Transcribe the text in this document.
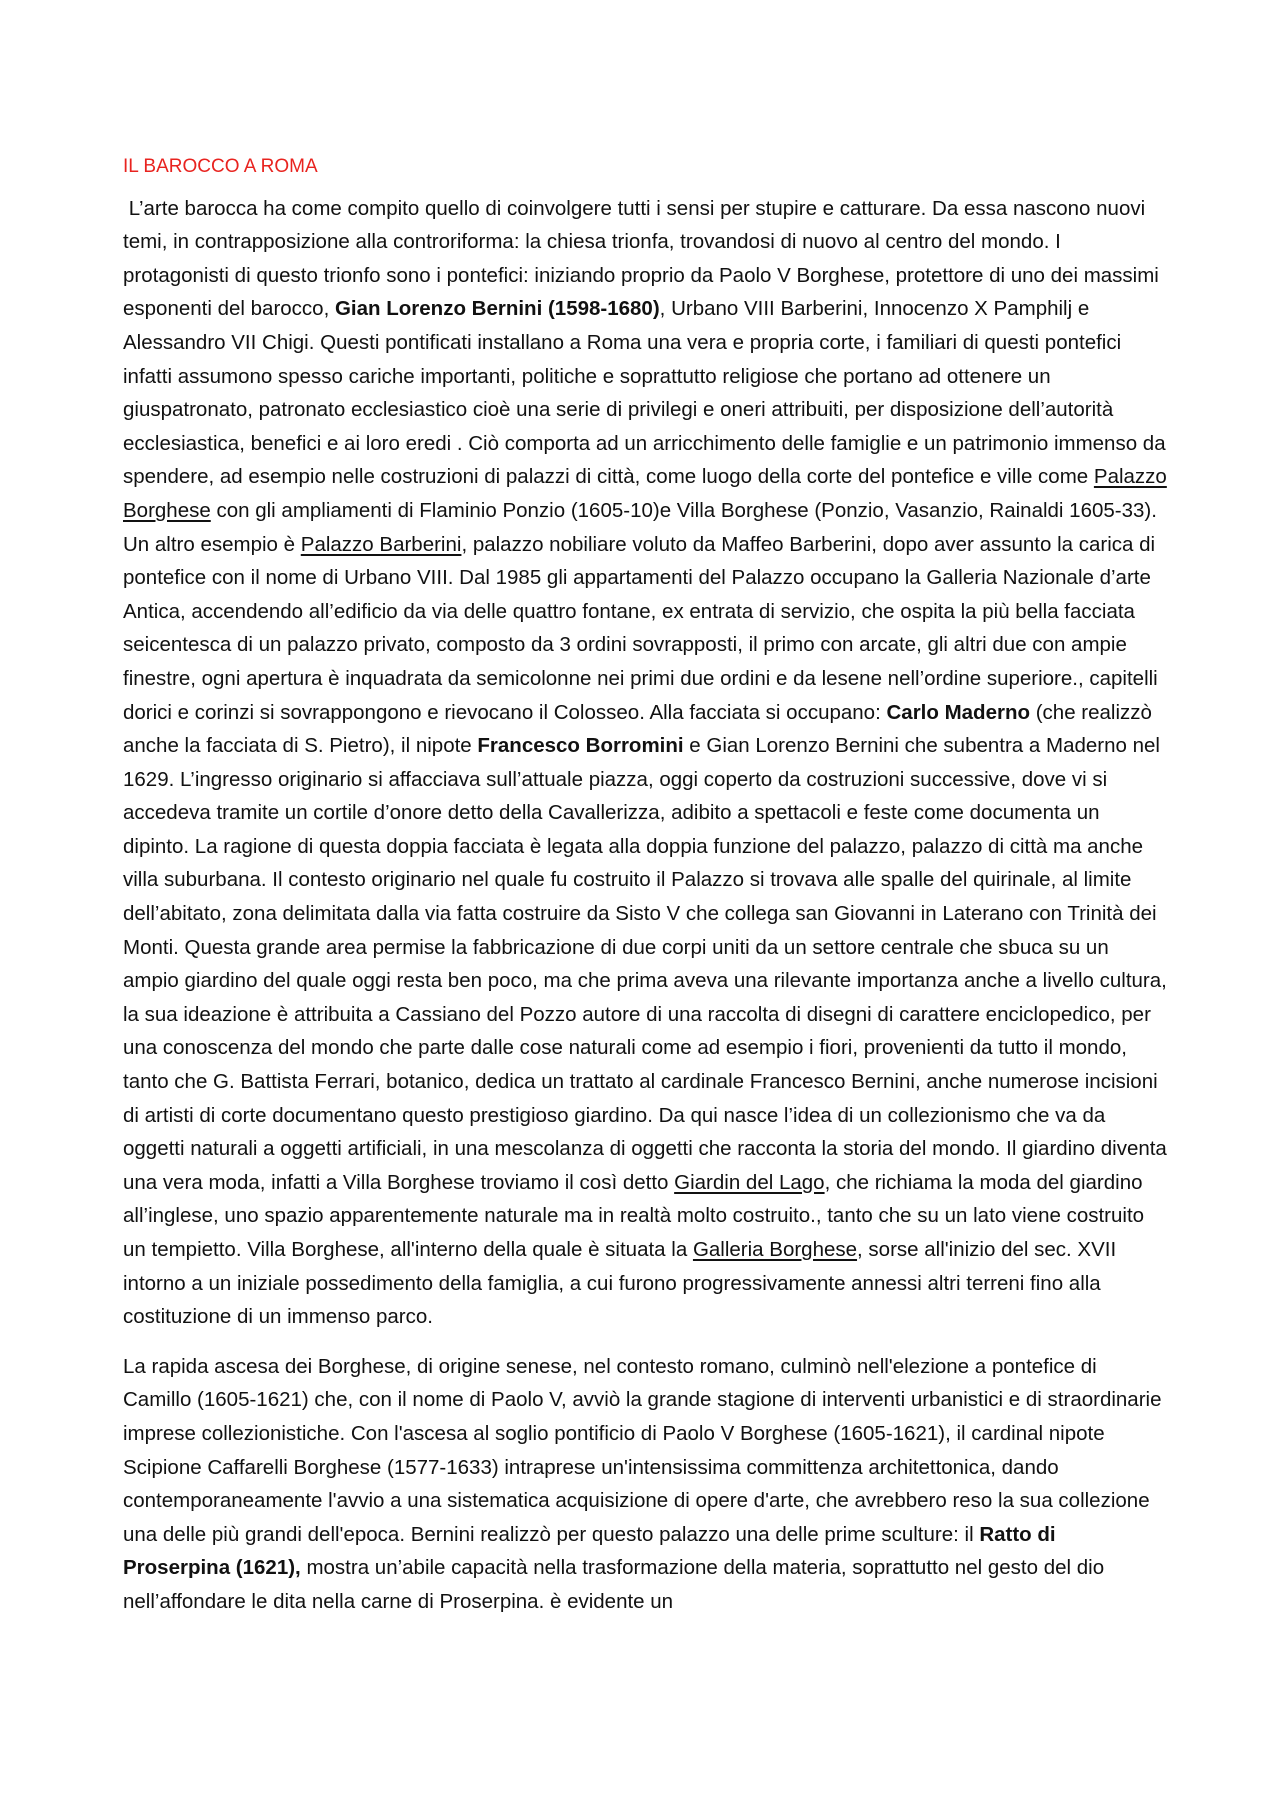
IL BAROCCO A ROMA

L’arte barocca ha come compito quello di coinvolgere tutti i sensi per stupire e catturare. Da essa nascono nuovi temi, in contrapposizione alla controriforma: la chiesa trionfa, trovandosi di nuovo al centro del mondo. I protagonisti di questo trionfo sono i pontefici: iniziando proprio da Paolo V Borghese, protettore di uno dei massimi esponenti del barocco, Gian Lorenzo Bernini (1598-1680), Urbano VIII Barberini, Innocenzo X Pamphilj e Alessandro VII Chigi. Questi pontificati installano a Roma una vera e propria corte, i familiari di questi pontefici infatti assumono spesso cariche importanti, politiche e soprattutto religiose che portano ad ottenere un giuspatronato, patronato ecclesiastico cioè una serie di privilegi e oneri attribuiti, per disposizione dell’autorità ecclesiastica, benefici e ai loro eredi . Ciò comporta ad un arricchimento delle famiglie e un patrimonio immenso da spendere, ad esempio nelle costruzioni di palazzi di città, come luogo della corte del pontefice e ville come Palazzo Borghese con gli ampliamenti di Flaminio Ponzio (1605-10)e Villa Borghese (Ponzio, Vasanzio, Rainaldi 1605-33). Un altro esempio è Palazzo Barberini, palazzo nobiliare voluto da Maffeo Barberini, dopo aver assunto la carica di pontefice con il nome di Urbano VIII. Dal 1985 gli appartamenti del Palazzo occupano la Galleria Nazionale d’arte Antica, accendendo all’edificio da via delle quattro fontane, ex entrata di servizio, che ospita la più bella facciata seicentesca di un palazzo privato, composto da 3 ordini sovrapposti, il primo con arcate, gli altri due con ampie finestre, ogni apertura è inquadrata da semicolonne nei primi due ordini e da lesene nell’ordine superiore., capitelli dorici e corinzi si sovrappongono e rievocano il Colosseo. Alla facciata si occupano: Carlo Maderno (che realizzò anche la facciata di S. Pietro), il nipote Francesco Borromini e Gian Lorenzo Bernini che subentra a Maderno nel 1629. L’ingresso originario si affacciava sull’attuale piazza, oggi coperto da costruzioni successive, dove vi si accedeva tramite un cortile d’onore detto della Cavallerizza, adibito a spettacoli e feste come documenta un dipinto. La ragione di questa doppia facciata è legata alla doppia funzione del palazzo, palazzo di città ma anche villa suburbana. Il contesto originario nel quale fu costruito il Palazzo si trovava alle spalle del quirinale, al limite dell’abitato, zona delimitata dalla via fatta costruire da Sisto V che collega san Giovanni in Laterano con Trinità dei Monti. Questa grande area permise la fabbricazione di due corpi uniti da un settore centrale che sbuca su un ampio giardino del quale oggi resta ben poco, ma che prima aveva una rilevante importanza anche a livello cultura, la sua ideazione è attribuita a Cassiano del Pozzo autore di una raccolta di disegni di carattere enciclopedico, per una conoscenza del mondo che parte dalle cose naturali come ad esempio i fiori, provenienti da tutto il mondo, tanto che G. Battista Ferrari, botanico, dedica un trattato al cardinale Francesco Bernini, anche numerose incisioni di artisti di corte documentano questo prestigioso giardino. Da qui nasce l’idea di un collezionismo che va da oggetti naturali a oggetti artificiali, in una mescolanza di oggetti che racconta la storia del mondo. Il giardino diventa una vera moda, infatti a Villa Borghese troviamo il così detto Giardin del Lago, che richiama la moda del giardino all’inglese, uno spazio apparentemente naturale ma in realtà molto costruito., tanto che su un lato viene costruito un tempietto. Villa Borghese, all'interno della quale è situata la Galleria Borghese, sorse all'inizio del sec. XVII intorno a un iniziale possedimento della famiglia, a cui furono progressivamente annessi altri terreni fino alla costituzione di un immenso parco.

La rapida ascesa dei Borghese, di origine senese, nel contesto romano, culminò nell'elezione a pontefice di Camillo (1605-1621) che, con il nome di Paolo V, avviò la grande stagione di interventi urbanistici e di straordinarie imprese collezionistiche. Con l'ascesa al soglio pontificio di Paolo V Borghese (1605-1621), il cardinal nipote Scipione Caffarelli Borghese (1577-1633) intraprese un'intensissima committenza architettonica, dando contemporaneamente l'avvio a una sistematica acquisizione di opere d'arte, che avrebbero reso la sua collezione una delle più grandi dell'epoca. Bernini realizzò per questo palazzo una delle prime sculture: il Ratto di Proserpina (1621), mostra un’abile capacità nella trasformazione della materia, soprattutto nel gesto del dio nell’affondare le dita nella carne di Proserpina. è evidente un
